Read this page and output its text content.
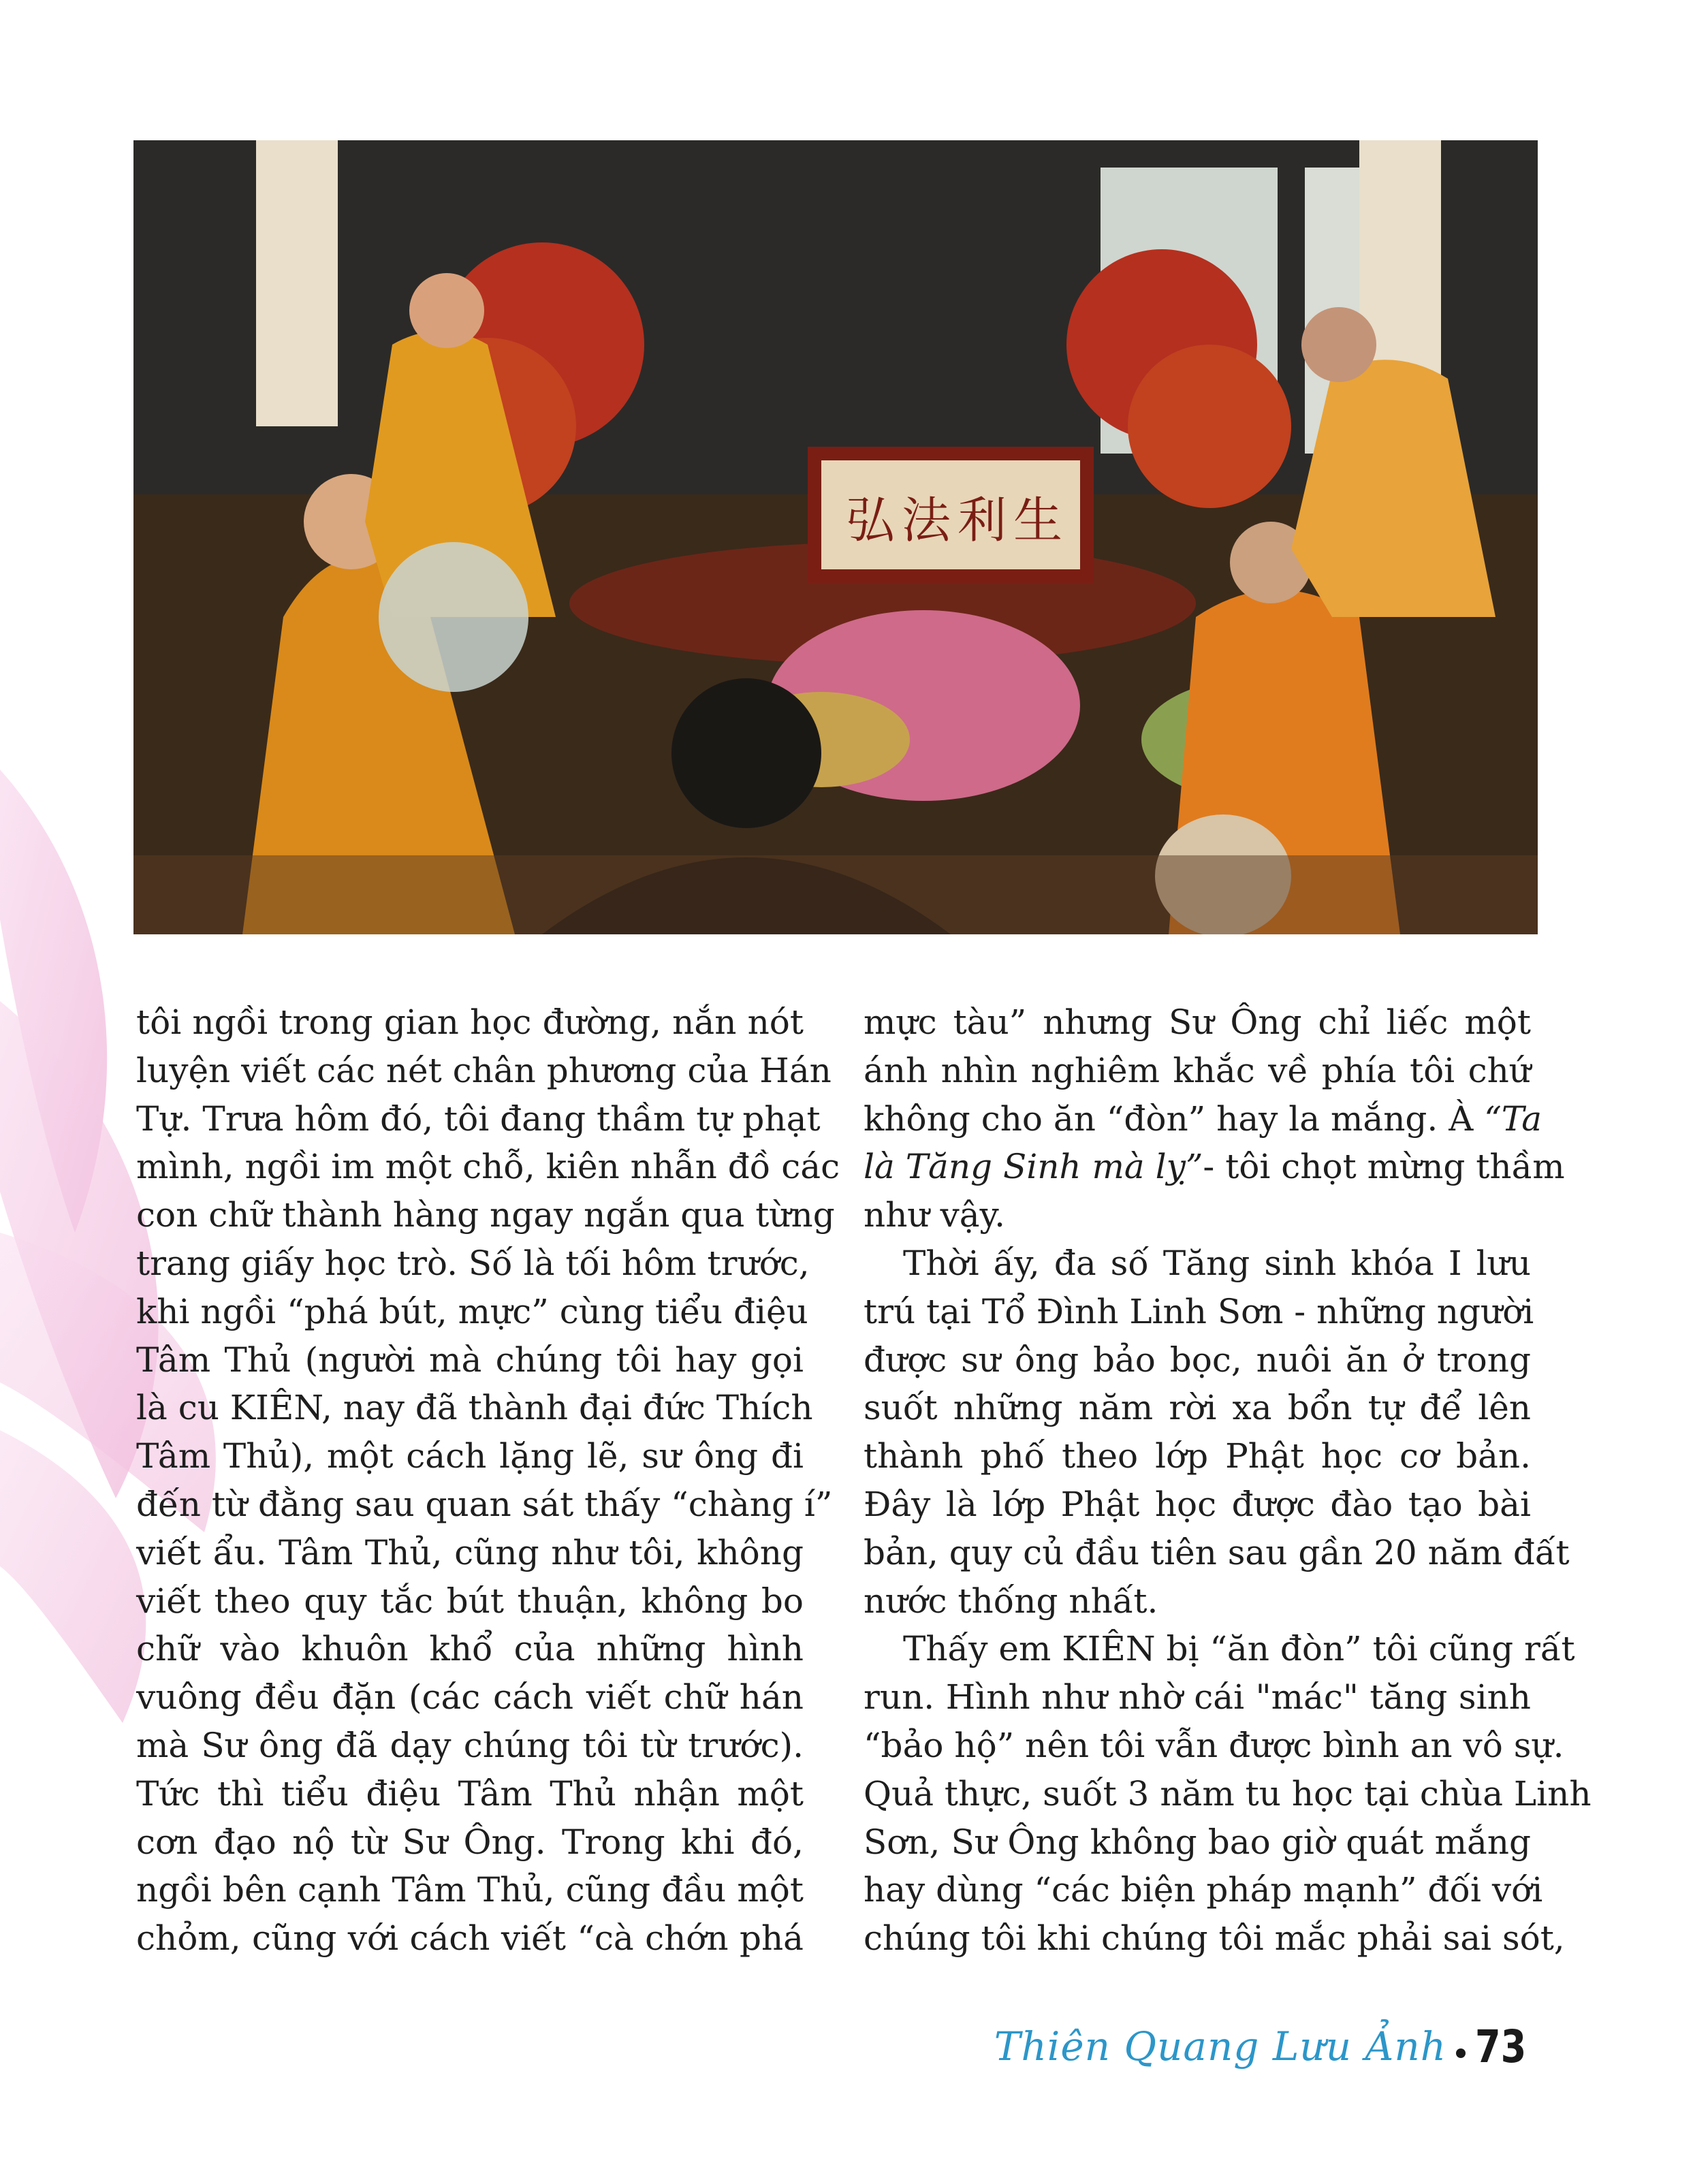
弘法利生
tôi ngồi trong gian học đường, nắn nót
luyện viết các nét chân phương của Hán
Tự. Trưa hôm đó, tôi đang thầm tự phạt
mình, ngồi im một chỗ, kiên nhẫn đồ các
con chữ thành hàng ngay ngắn qua từng
trang giấy học trò. Số là tối hôm trước,
khi ngồi “phá bút, mực” cùng tiểu điệu
Tâm Thủ (người mà chúng tôi hay gọi
là cu KIÊN, nay đã thành đại đức Thích
Tâm Thủ), một cách lặng lẽ, sư ông đi
đến từ đằng sau quan sát thấy “chàng í”
viết ẩu. Tâm Thủ, cũng như tôi, không
viết theo quy tắc bút thuận, không bo
chữ vào khuôn khổ của những hình
vuông đều đặn (các cách viết chữ hán
mà Sư ông đã dạy chúng tôi từ trước).
Tức thì tiểu điệu Tâm Thủ nhận một
cơn đạo nộ từ Sư Ông. Trong khi đó,
ngồi bên cạnh Tâm Thủ, cũng đầu một
chỏm, cũng với cách viết “cà chớn phá
mực tàu” nhưng Sư Ông chỉ liếc một
ánh nhìn nghiêm khắc về phía tôi chứ
không cho ăn “đòn” hay la mắng. À “Ta
là Tăng Sinh mà lỵ”- tôi chọt mừng thầm
như vậy.
Thời ấy, đa số Tăng sinh khóa I lưu
trú tại Tổ Đình Linh Sơn - những người
được sư ông bảo bọc, nuôi ăn ở trong
suốt những năm rời xa bổn tự để lên
thành phố theo lớp Phật học cơ bản.
Đây là lớp Phật học được đào tạo bài
bản, quy củ đầu tiên sau gần 20 năm đất
nước thống nhất.
Thấy em KIÊN bị “ăn đòn” tôi cũng rất
run. Hình như nhờ cái "mác" tăng sinh
“bảo hộ” nên tôi vẫn được bình an vô sự.
Quả thực, suốt 3 năm tu học tại chùa Linh
Sơn, Sư Ông không bao giờ quát mắng
hay dùng “các biện pháp mạnh” đối với
chúng tôi khi chúng tôi mắc phải sai sót,
Thiên Quang Lưu Ảnh 73
